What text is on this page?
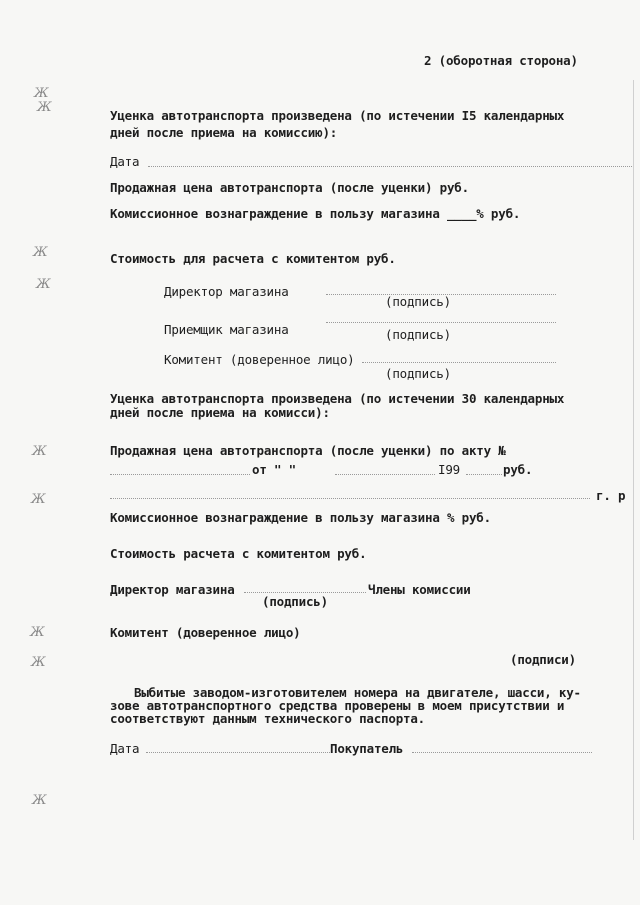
2 (оборотная сторона)
Ж
Ж
Ж
Ж
Ж
Ж
Ж
Ж
Ж
Уценка автотранспорта произведена (по истечении I5 календарных
дней после приема на комиссию):
Дата
Продажная цена автотранспорта (после уценки) руб.
Комиссионное вознаграждение в пользу магазина ____% руб.
Стоимость для расчета с комитентом руб.
Директор магазина
(подпись)
Приемщик магазина	(подпись)
Комитент (доверенное лицо)
(подпись)
Уценка автотранспорта произведена (по истечении 30 календарных
дней после приема на комисси):
Продажная цена автотранспорта (после уценки) по акту №
от " "	I99	руб.
г. р
Комиссионное вознаграждение в пользу магазина % руб.
Стоимость расчета с комитентом руб.
Директор магазина	Члены комиссии
(подпись)
Комитент (доверенное лицо)
(подписи)
Выбитые заводом-изготовителем номера на двигателе, шасси, ку-
зове автотранспортного средства проверены в моем присутствии и
соответствуют данным технического паспорта.
Дата	Покупатель
